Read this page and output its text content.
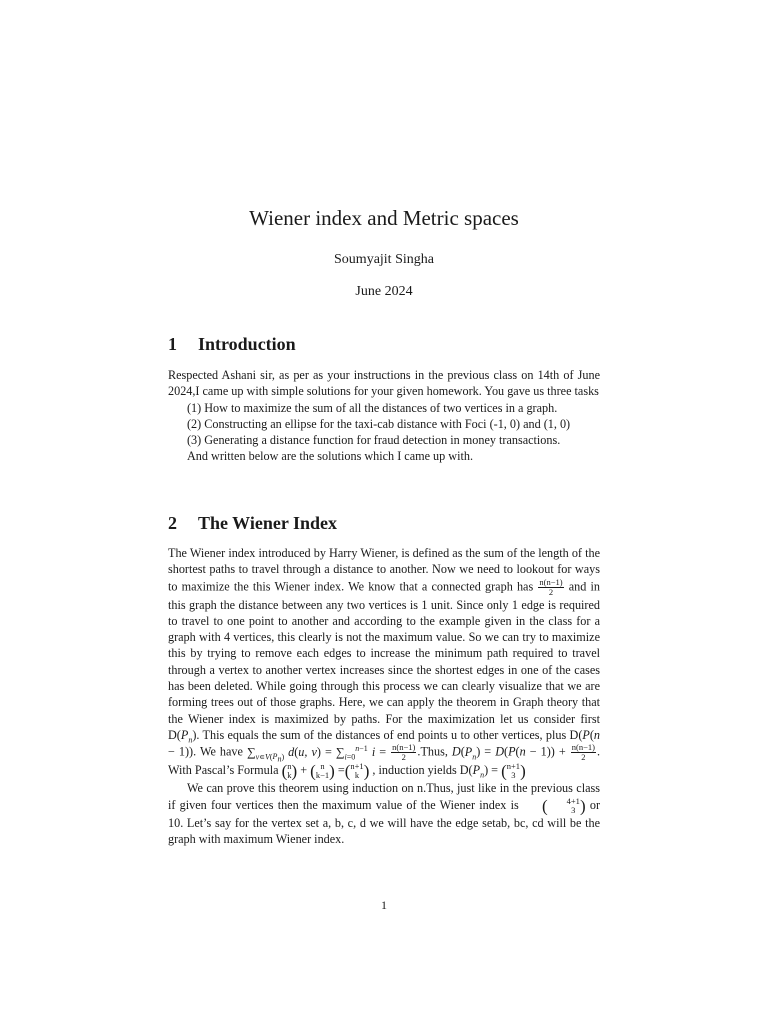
Wiener index and Metric spaces
Soumyajit Singha
June 2024
1 Introduction

Respected Ashani sir, as per as your instructions in the previous class on 14th of June 2024,I came up with simple solutions for your given homework. You gave us three tasks

(1) How to maximize the sum of all the distances of two vertices in a graph.

(2) Constructing an ellipse for the taxi-cab distance with Foci (-1, 0) and (1, 0)

(3) Generating a distance function for fraud detection in money transactions.

And written below are the solutions which I came up with.

2 The Wiener Index

The Wiener index introduced by Harry Wiener, is defined as the sum of the length of the shortest paths to travel through a distance to another. Now we need to lookout for ways to maximize the this Wiener index. We know that a connected graph has $\frac{n(n-1)}{2}$ and in this graph the distance between any two vertices is 1 unit. Since only 1 edge is required to travel to one point to another and according to the example given in the class for a graph with 4 vertices, this clearly is not the maximum value. So we can try to maximize this by trying to remove each edges to increase the minimum path required to travel through a vertex to another vertex increases since the shortest edges in one of the cases has been deleted. While going through this process we can clearly visualize that we are forming trees out of those graphs. Here, we can apply the theorem in Graph theory that the Wiener index is maximized by paths. For the maximization let us consider first $D(P_n)$. This equals the sum of the distances of end points u to other vertices, plus D(P(n − 1)). We have $\sum_{v∊V(P_n)}$ d(u, $v) = \sum_{i=0}^{n-1}$ $i = \frac{n(n-1)}{2}$ .Thus, $D(P_n) = D(P(n - 1)) + \frac{n(n-1)}{2}$ . With Pascal’s Formula ( n
k ) + ( n
k−1 ) =( n+1
k ) , induction yields $D(P_n)$ = ( n+1
3 )

We can prove this theorem using induction on n.Thus, just like in the previous class if given four vertices then the maximum value of the Wiener index is (	4+1
3 ) or 10. Let’s say for the vertex set a, b, c, d we will have the edge setab, bc, cd will be the graph with maximum Wiener index.

1
